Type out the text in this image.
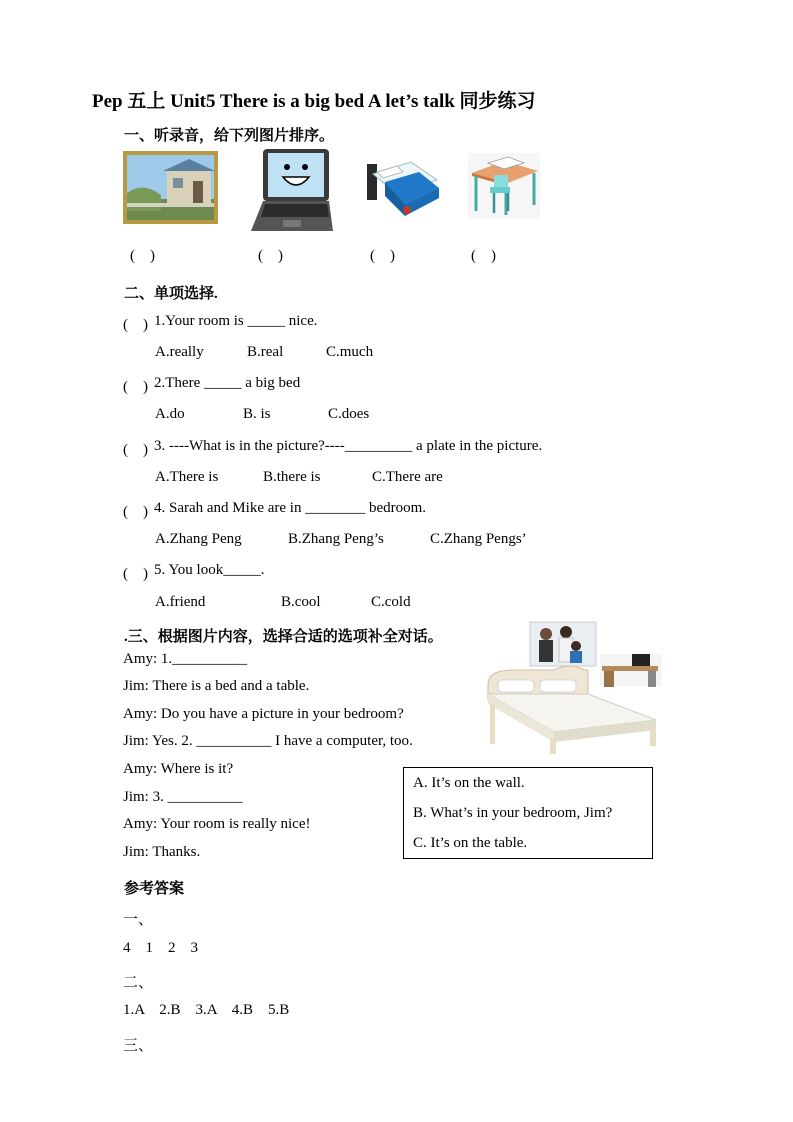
Pep 五上 Unit5 There is a big bed A let’s talk 同步练习
一、听录音，给下列图片排序。
(　)	(　)	(　)	(　)
二、单项选择.
(　) 1.Your room is _____ nice.
A.really	B.real	C.much
(　) 2.There _____ a big bed
A.do	B. is	C.does
(　) 3. ----What is in the picture?----_________ a plate in the picture.
A.There is	B.there is	C.There are
(　) 4. Sarah and Mike are in ________ bedroom.
A.Zhang Peng	B.Zhang Peng’s	C.Zhang Pengs’
(　) 5. You look_____.
A.friend	B.cool	C.cold
.三、根据图片内容，选择合适的选项补全对话。
Amy: 1.__________
Jim: There is a bed and a table.
Amy: Do you have a picture in your bedroom?
Jim: Yes. 2. __________ I have a computer, too.
Amy: Where is it?
Jim: 3. __________
Amy: Your room is really nice!
Jim: Thanks.
A. It’s on the wall.
B. What’s in your bedroom, Jim?
C. It’s on the table.
参考答案
一、
4    1    2    3
二、
1.A    2.B    3.A    4.B    5.B
三、
